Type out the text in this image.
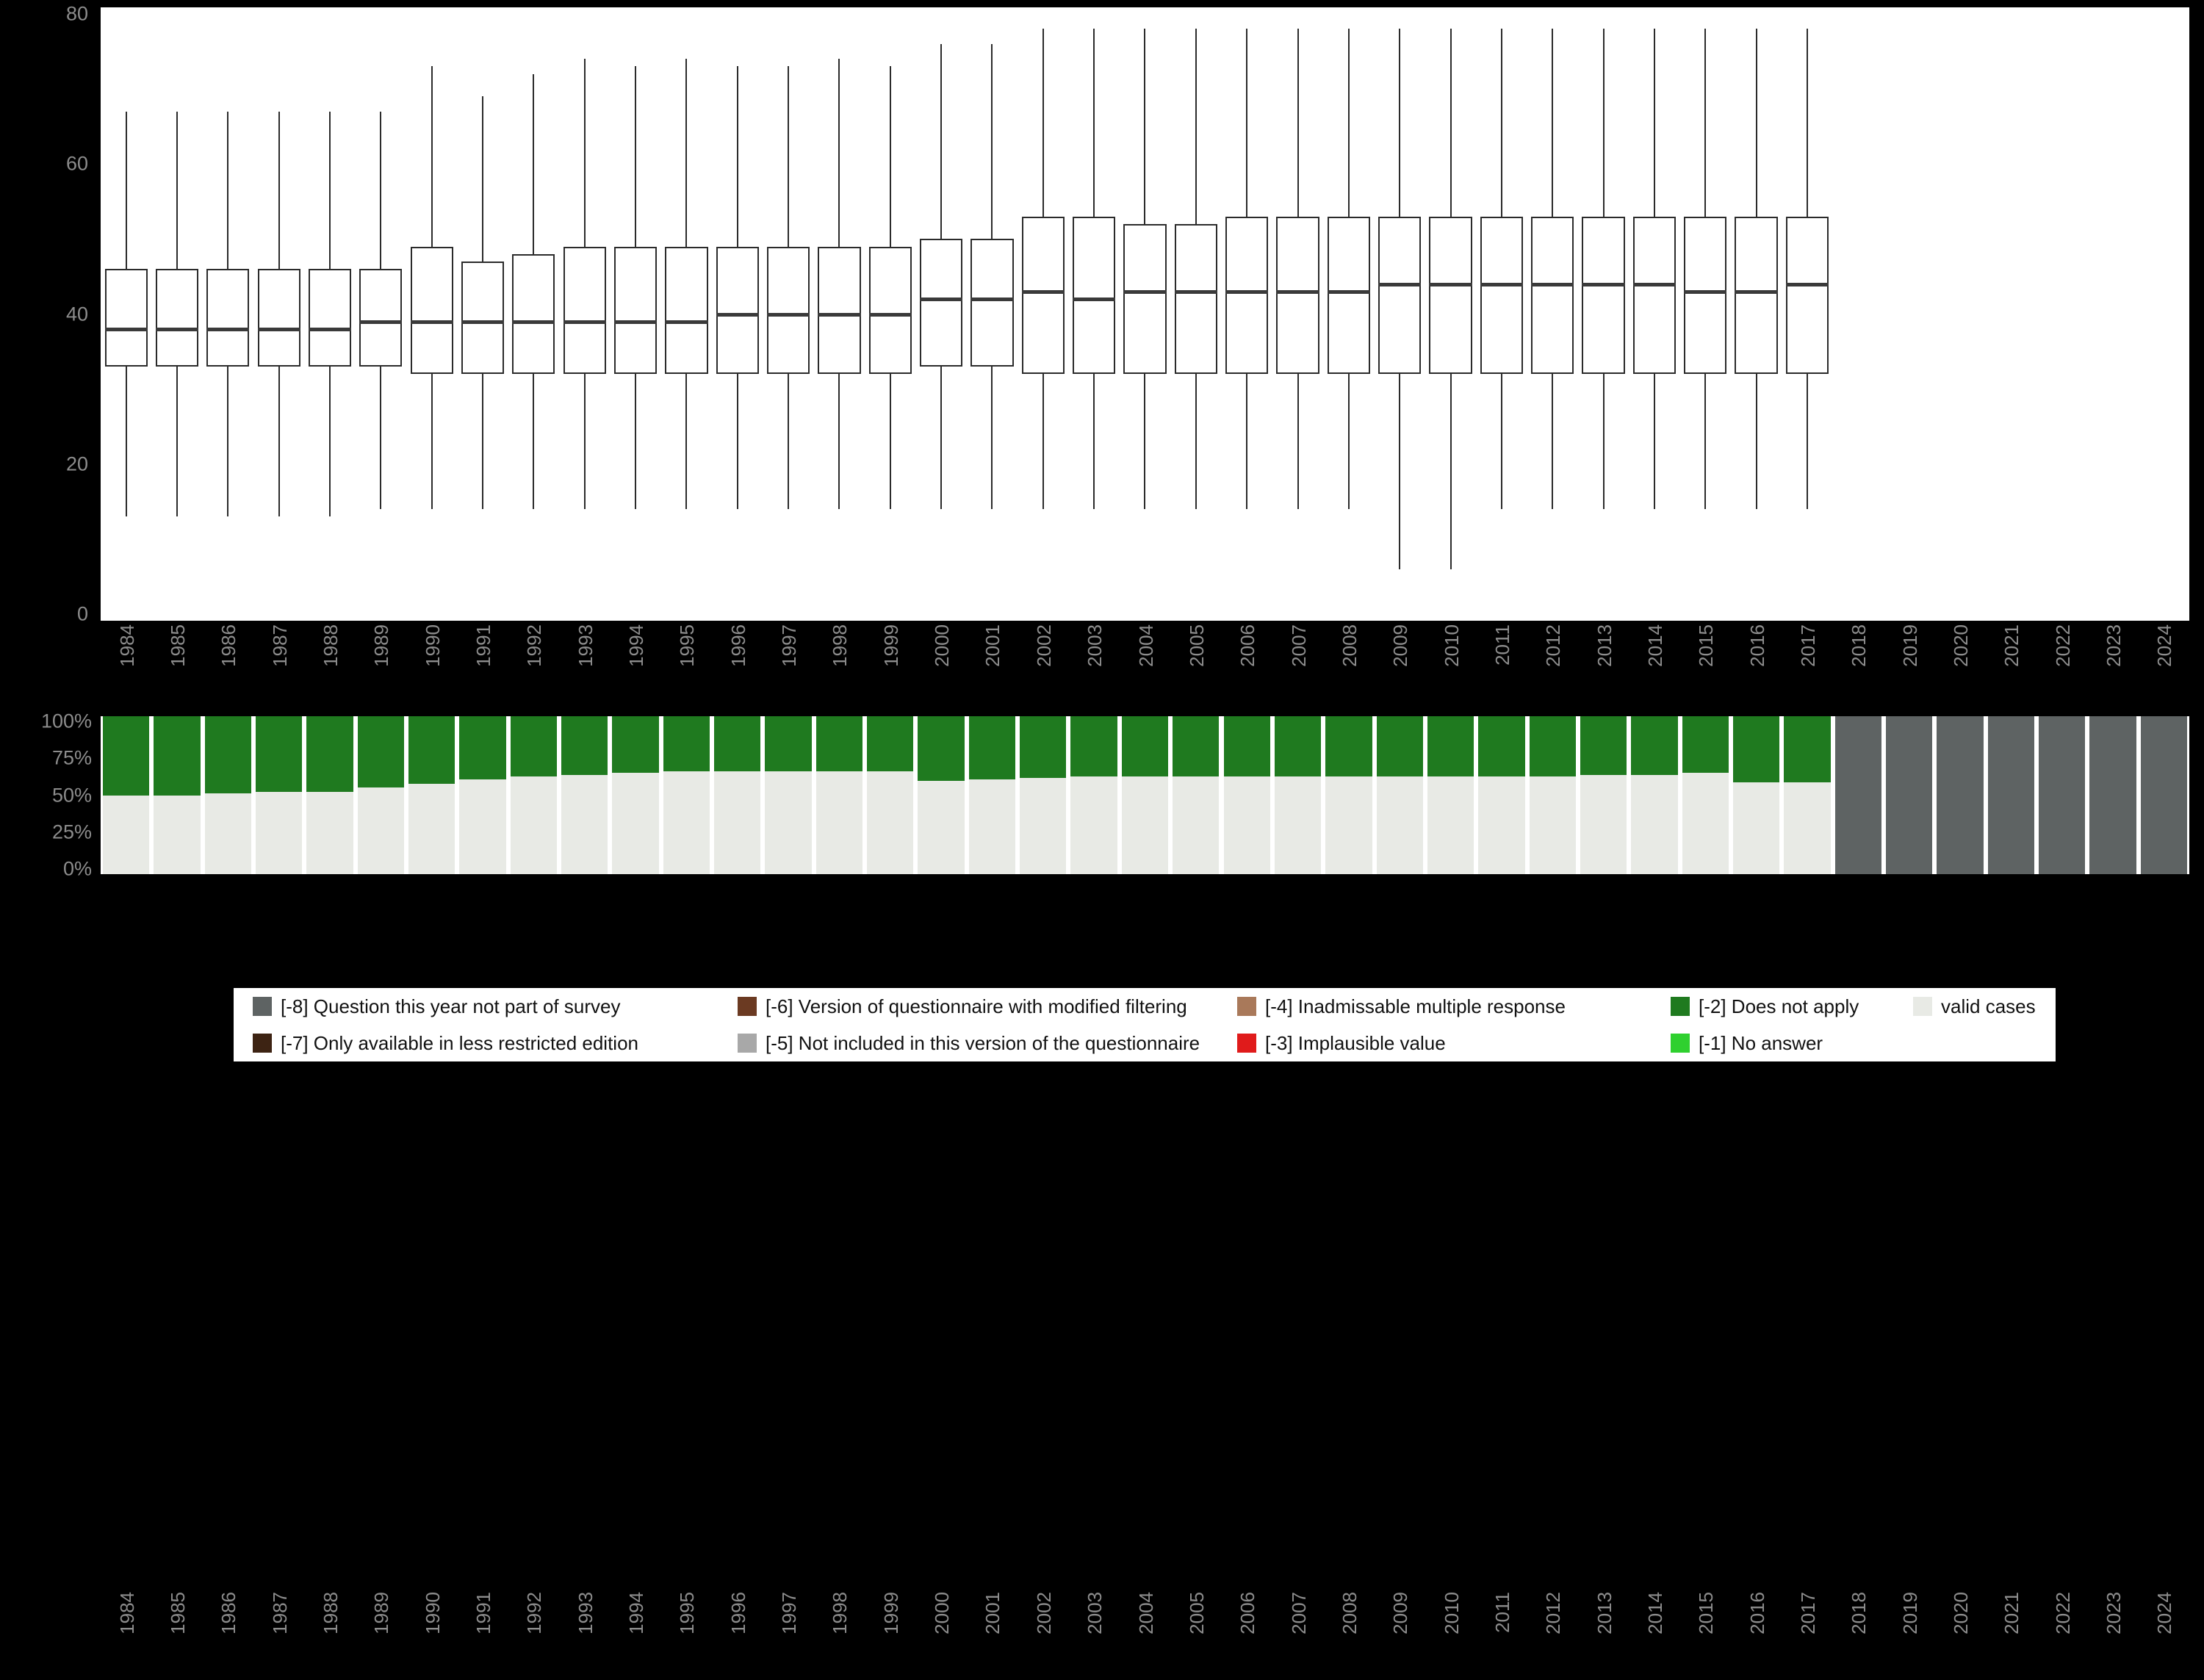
1984 1985 1986 1987 1988 1989 1990 1991 1992 1993 1994 1995 1996 1997 1998 1999 2000 2001 2002 2003 2004 2005 2006 2007 2008 2009 2010 2011 2012 2013 2014 2015 2016 2017 2018 2019 2020 2021 2022 2023 2024
0
20
40
60
80
1984 1985 1986 1987 1988 1989 1990 1991 1992 1993 1994 1995 1996 1997 1998 1999 2000 2001 2002 2003 2004 2005 2006 2007 2008 2009 2010 2011 2012 2013 2014 2015 2016 2017 2018 2019 2020 2021 2022 2023 2024
0%
25%
50%
75%
100%
[-8] Question this year not part of survey	[-6] Version of questionnaire with modified filtering	[-4] Inadmissable multiple response	[-2] Does not apply	valid cases
[-7] Only available in less restricted edition	[-5] Not included in this version of the questionnaire	[-3] Implausible value	[-1] No answer
